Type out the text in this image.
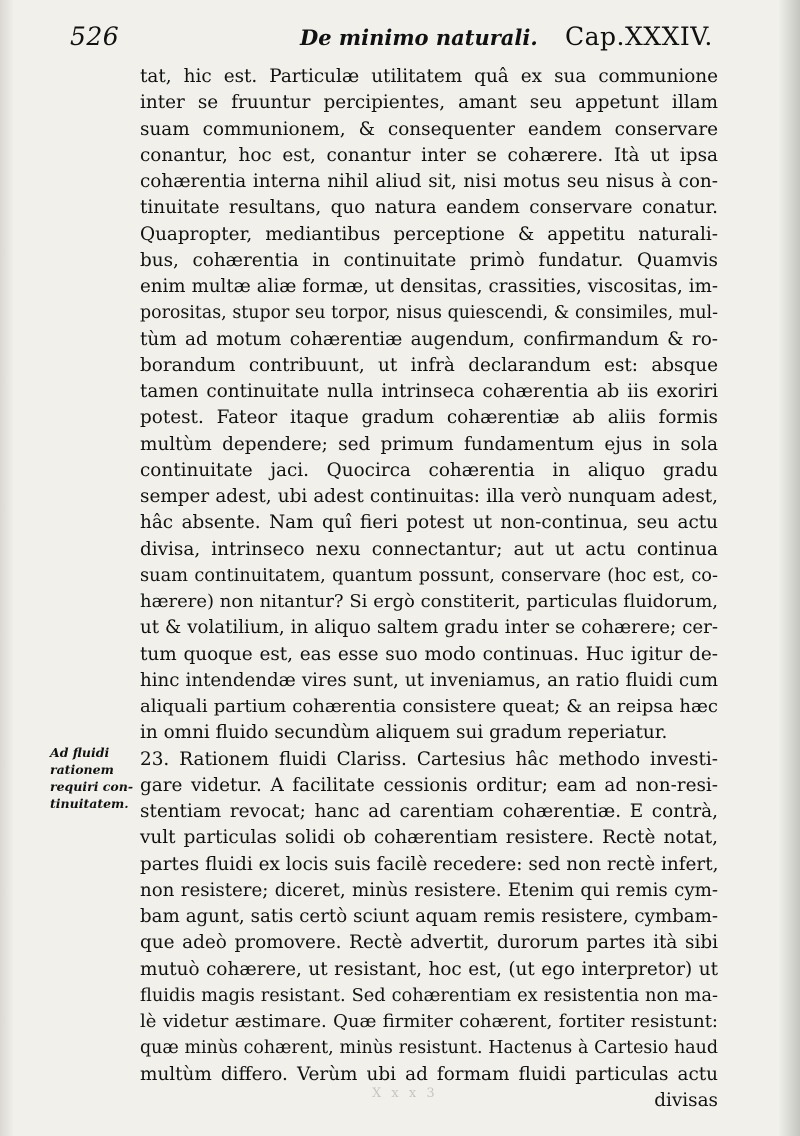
526	De minimo naturali. Cap.XXXIV.
Ad fluidi
rationem
requiri con-
tinuitatem.
tat, hic est. Particulæ utilitatem quâ ex sua communione
inter se fruuntur percipientes, amant seu appetunt illam
suam communionem, & consequenter eandem conservare
conantur, hoc est, conantur inter se cohærere. Ità ut ipsa
cohærentia interna nihil aliud sit, nisi motus seu nisus à con-
tinuitate resultans, quo natura eandem conservare conatur.
Quapropter, mediantibus perceptione & appetitu naturali-
bus, cohærentia in continuitate primò fundatur. Quamvis
enim multæ aliæ formæ, ut densitas, crassities, viscositas, im-
porositas, stupor seu torpor, nisus quiescendi, & consimiles, mul-
tùm ad motum cohærentiæ augendum, confirmandum & ro-
borandum contribuunt, ut infrà declarandum est: absque
tamen continuitate nulla intrinseca cohærentia ab iis exoriri
potest. Fateor itaque gradum cohærentiæ ab aliis formis
multùm dependere; sed primum fundamentum ejus in sola
continuitate jaci. Quocirca cohærentia in aliquo gradu
semper adest, ubi adest continuitas: illa verò nunquam adest,
hâc absente. Nam quî fieri potest ut non-continua, seu actu
divisa, intrinseco nexu connectantur; aut ut actu continua
suam continuitatem, quantum possunt, conservare (hoc est, co-
hærere) non nitantur? Si ergò constiterit, particulas fluidorum,
ut & volatilium, in aliquo saltem gradu inter se cohærere; cer-
tum quoque est, eas esse suo modo continuas. Huc igitur de-
hinc intendendæ vires sunt, ut inveniamus, an ratio fluidi cum
aliquali partium cohærentia consistere queat; & an reipsa hæc
in omni fluido secundùm aliquem sui gradum reperiatur.
23. Rationem fluidi Clariss. Cartesius hâc methodo investi-
gare videtur. A facilitate cessionis orditur; eam ad non-resi-
stentiam revocat; hanc ad carentiam cohærentiæ. E contrà,
vult particulas solidi ob cohærentiam resistere. Rectè notat,
partes fluidi ex locis suis facilè recedere: sed non rectè infert,
non resistere; diceret, minùs resistere. Etenim qui remis cym-
bam agunt, satis certò sciunt aquam remis resistere, cymbam-
que adeò promovere. Rectè advertit, durorum partes ità sibi
mutuò cohærere, ut resistant, hoc est, (ut ego interpretor) ut
fluidis magis resistant. Sed cohærentiam ex resistentia non ma-
lè videtur æstimare. Quæ firmiter cohærent, fortiter resistunt:
quæ minùs cohærent, minùs resistunt. Hactenus à Cartesio haud
multùm differo. Verùm ubi ad formam fluidi particulas actu
divisas
X x x 3
